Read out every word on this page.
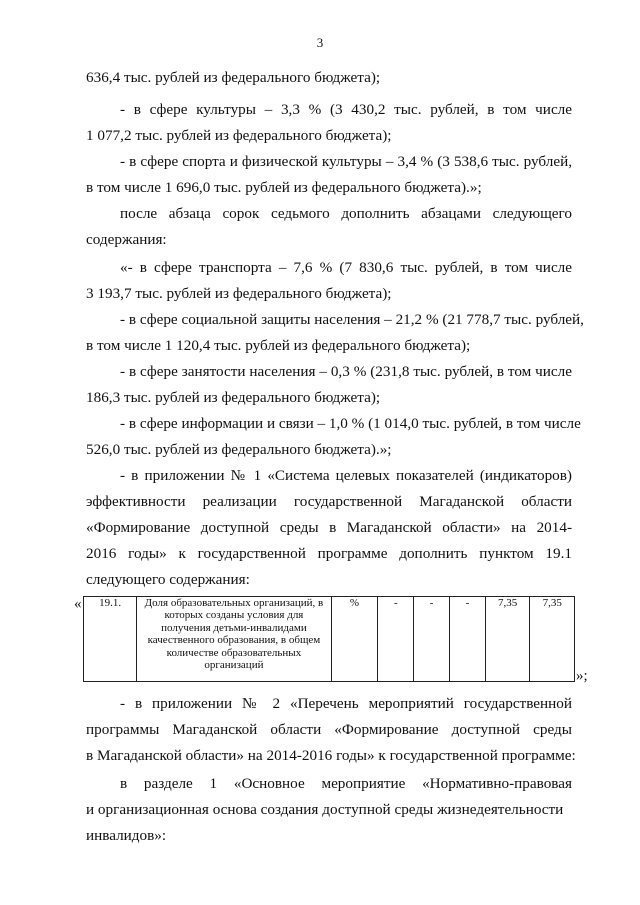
3
636,4 тыс. рублей из федерального бюджета);
- в сфере культуры – 3,3 % (3 430,2 тыс. рублей, в том числе
1 077,2 тыс. рублей из федерального бюджета);
- в сфере спорта и физической культуры – 3,4 % (3 538,6 тыс. рублей,
в том числе 1 696,0 тыс. рублей из федерального бюджета).»;
после абзаца сорок седьмого дополнить абзацами следующего
содержания:
«- в сфере транспорта – 7,6 % (7 830,6 тыс. рублей, в том числе
3 193,7 тыс. рублей из федерального бюджета);
- в сфере социальной защиты населения – 21,2 % (21 778,7 тыс. рублей,
в том числе 1 120,4 тыс. рублей из федерального бюджета);
- в сфере занятости населения – 0,3 % (231,8 тыс. рублей, в том числе
186,3 тыс. рублей из федерального бюджета);
- в сфере информации и связи – 1,0 % (1 014,0 тыс. рублей, в том числе
526,0 тыс. рублей из федерального бюджета).»;
- в приложении № 1 «Система целевых показателей (индикаторов)
эффективности реализации государственной Магаданской области
«Формирование доступной среды в Магаданской области» на 2014-
2016 годы» к государственной программе дополнить пунктом 19.1
следующего содержания:
« 19.1.	Доля образовательных организаций, в которых созданы условия для получения детьми-инвалидами качественного образования, в общем количестве образовательных организаций	%	-	-	-	7,35	7,35
»;
- в приложении № 2 «Перечень мероприятий государственной
программы Магаданской области «Формирование доступной среды
в Магаданской области» на 2014-2016 годы» к государственной программе:
в разделе 1 «Основное мероприятие «Нормативно-правовая
и организационная основа создания доступной среды жизнедеятельности
инвалидов»:
